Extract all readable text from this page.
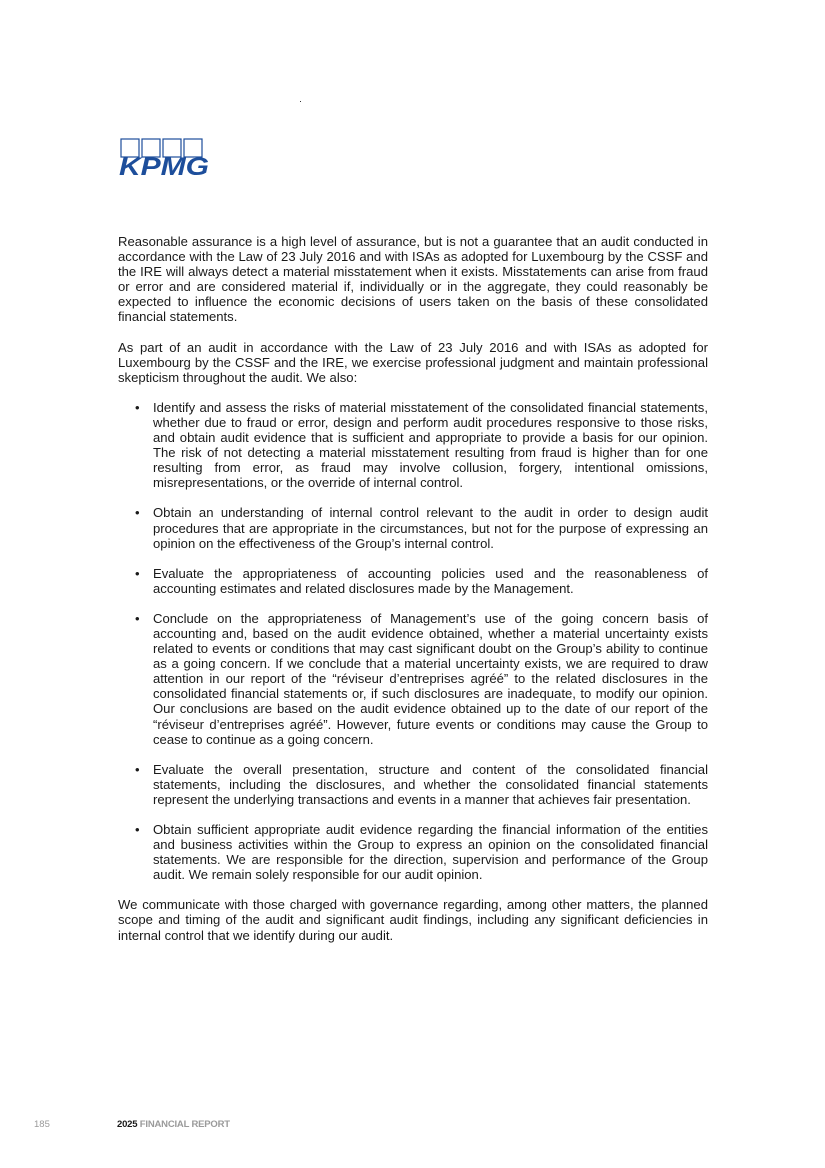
KPMG

Reasonable assurance is a high level of assurance, but is not a guarantee that an audit conducted in accordance with the Law of 23 July 2016 and with ISAs as adopted for Luxembourg by the CSSF and the IRE will always detect a material misstatement when it exists. Misstatements can arise from fraud or error and are considered material if, individually or in the aggregate, they could reasonably be expected to influence the economic decisions of users taken on the basis of these consolidated financial statements.

As part of an audit in accordance with the Law of 23 July 2016 and with ISAs as adopted for Luxembourg by the CSSF and the IRE, we exercise professional judgment and maintain professional skepticism throughout the audit. We also:

• Identify and assess the risks of material misstatement of the consolidated financial statements, whether due to fraud or error, design and perform audit procedures responsive to those risks, and obtain audit evidence that is sufficient and appropriate to provide a basis for our opinion. The risk of not detecting a material misstatement resulting from fraud is higher than for one resulting from error, as fraud may involve collusion, forgery, intentional omissions, misrepresentations, or the override of internal control.
• Obtain an understanding of internal control relevant to the audit in order to design audit procedures that are appropriate in the circumstances, but not for the purpose of expressing an opinion on the effectiveness of the Group’s internal control.
• Evaluate the appropriateness of accounting policies used and the reasonableness of accounting estimates and related disclosures made by the Management.
• Conclude on the appropriateness of Management’s use of the going concern basis of accounting and, based on the audit evidence obtained, whether a material uncertainty exists related to events or conditions that may cast significant doubt on the Group’s ability to continue as a going concern. If we conclude that a material uncertainty exists, we are required to draw attention in our report of the “réviseur d’entreprises agréé” to the related disclosures in the consolidated financial statements or, if such disclosures are inadequate, to modify our opinion. Our conclusions are based on the audit evidence obtained up to the date of our report of the “réviseur d’entreprises agréé”. However, future events or conditions may cause the Group to cease to continue as a going concern.
• Evaluate the overall presentation, structure and content of the consolidated financial statements, including the disclosures, and whether the consolidated financial statements represent the underlying transactions and events in a manner that achieves fair presentation.
• Obtain sufficient appropriate audit evidence regarding the financial information of the entities and business activities within the Group to express an opinion on the consolidated financial statements. We are responsible for the direction, supervision and performance of the Group audit. We remain solely responsible for our audit opinion.

We communicate with those charged with governance regarding, among other matters, the planned scope and timing of the audit and significant audit findings, including any significant deficiencies in internal control that we identify during our audit.

185	2025 FINANCIAL REPORT
